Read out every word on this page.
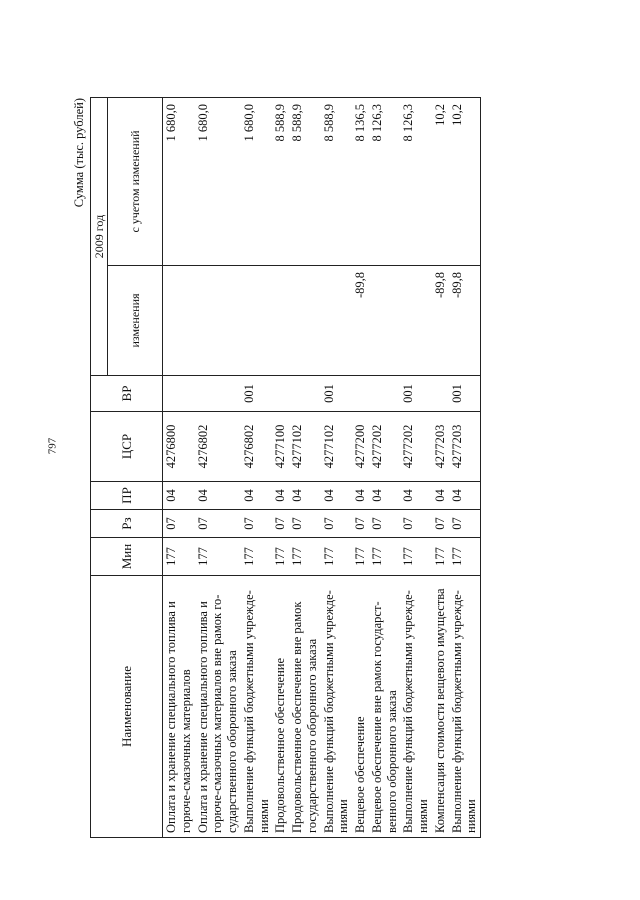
797
Сумма (тыс. рублей)
Наименование	Мин	Рз	ПР	ЦСР	ВР	2009 год	
						изменения	с учетом изменений
Оплата и хранение специального топлива и горюче-смазочных материалов	177	07	04	4276800			1 680,0
Оплата и хранение специального топлива и горюче-смазочных материалов вне рамок го-сударственного оборонного заказа	177	07	04	4276802			1 680,0
Выполнение функций бюджетными учрежде-ниями	177	07	04	4276802	001		1 680,0
Продовольственное обеспечение	177	07	04	4277100			8 588,9
Продовольственное обеспечение вне рамок государственного оборонного заказа	177	07	04	4277102			8 588,9
Выполнение функций бюджетными учрежде-ниями	177	07	04	4277102	001		8 588,9
Вещевое обеспечение	177	07	04	4277200		-89,8	8 136,5
Вещевое обеспечение вне рамок государст-венного оборонного заказа	177	07	04	4277202			8 126,3
Выполнение функций бюджетными учрежде-ниями	177	07	04	4277202	001		8 126,3
Компенсация стоимости вещевого имущества	177	07	04	4277203		-89,8	10,2
Выполнение функций бюджетными учрежде-ниями	177	07	04	4277203	001	-89,8	10,2
